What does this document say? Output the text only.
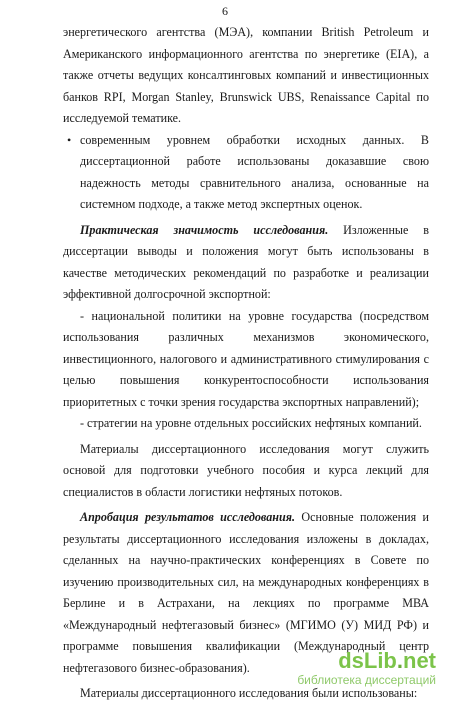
6

энергетического агентства (МЭА), компании British Petroleum и Американского информационного агентства по энергетике (EIA), а также отчеты ведущих консалтинговых компаний и инвестиционных банков RPI, Morgan Stanley, Brunswick UBS, Renaissance Capital по исследуемой тематике.

• современным уровнем обработки исходных данных. В диссертационной работе использованы доказавшие свою надежность методы сравнительного анализа, основанные на системном подходе, а также метод экспертных оценок.

Практическая значимость исследования. Изложенные в диссертации выводы и положения могут быть использованы в качестве методических рекомендаций по разработке и реализации эффективной долгосрочной экспортной:

- национальной политики на уровне государства (посредством использования различных механизмов экономического, инвестиционного, налогового и административного стимулирования с целью повышения конкурентоспособности использования приоритетных с точки зрения государства экспортных направлений);

- стратегии на уровне отдельных российских нефтяных компаний.

Материалы диссертационного исследования могут служить основой для подготовки учебного пособия и курса лекций для специалистов в области логистики нефтяных потоков.

Апробация результатов исследования. Основные положения и результаты диссертационного исследования изложены в докладах, сделанных на научно-практических конференциях в Совете по изучению производительных сил, на международных конференциях в Берлине и в Астрахани, на лекциях по программе МВА «Международный нефтегазовый бизнес» (МГИМО (У) МИД РФ) и программе повышения квалификации (Международный центр нефтегазового бизнес-образования).

Материалы диссертационного исследования были использованы:

dsLib.net
библиотека диссертаций
